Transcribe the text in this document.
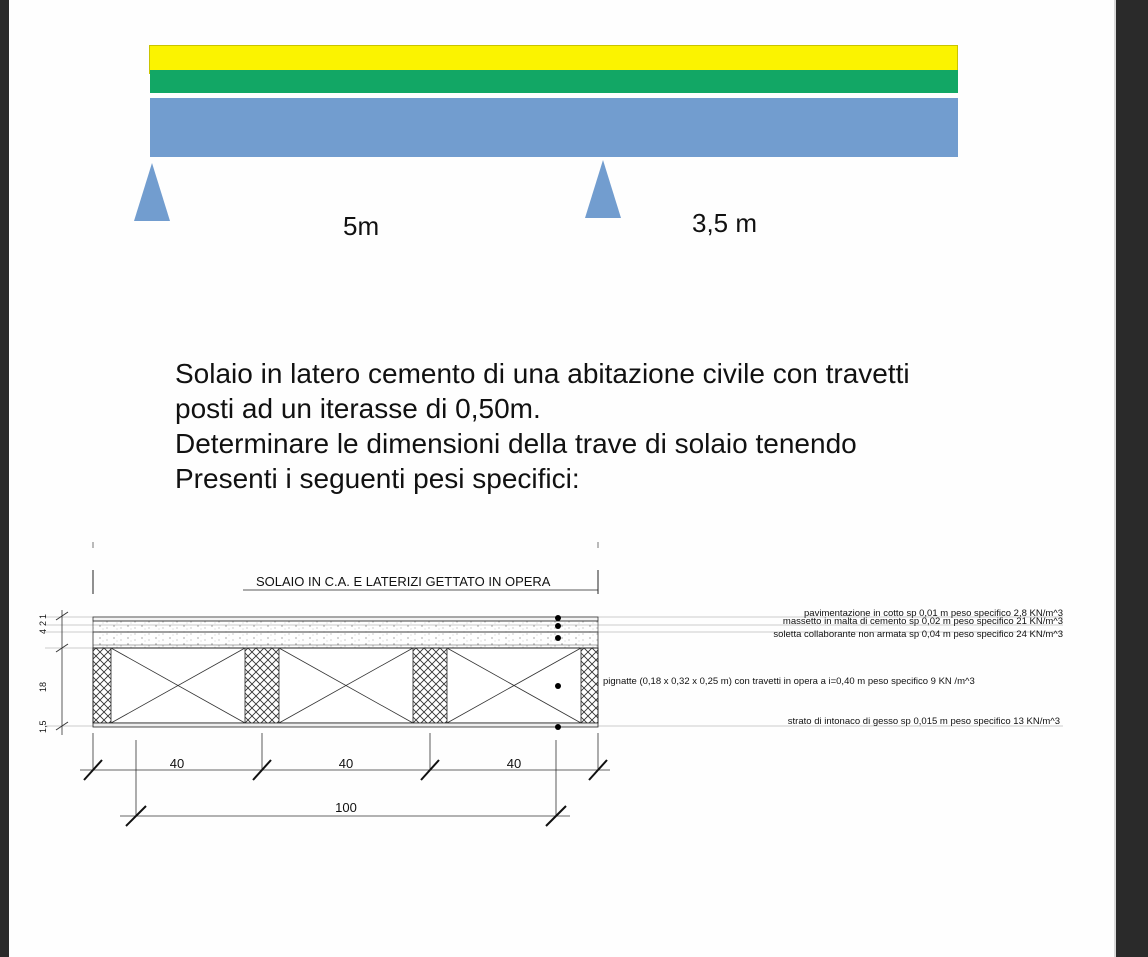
5m	3,5 m
Solaio in latero cemento di una abitazione civile con travetti
posti ad un iterasse di 0,50m.
Determinare le dimensioni della trave di solaio tenendo
Presenti i seguenti pesi specifici:
SOLAIO IN C.A. E LATERIZI GETTATO IN OPERA
4
2
1
18
1,5
pavimentazione in cotto sp 0,01 m peso specifico 2,8 KN/m^3
massetto in malta di cemento sp 0,02 m peso specifico 21 KN/m^3
soletta collaborante non armata sp 0,04 m peso specifico 24 KN/m^3
pignatte (0,18 x 0,32 x 0,25 m) con travetti in opera a i=0,40 m peso specifico 9 KN /m^3
strato di intonaco di gesso sp 0,015 m peso specifico 13 KN/m^3
40	40	40
100
